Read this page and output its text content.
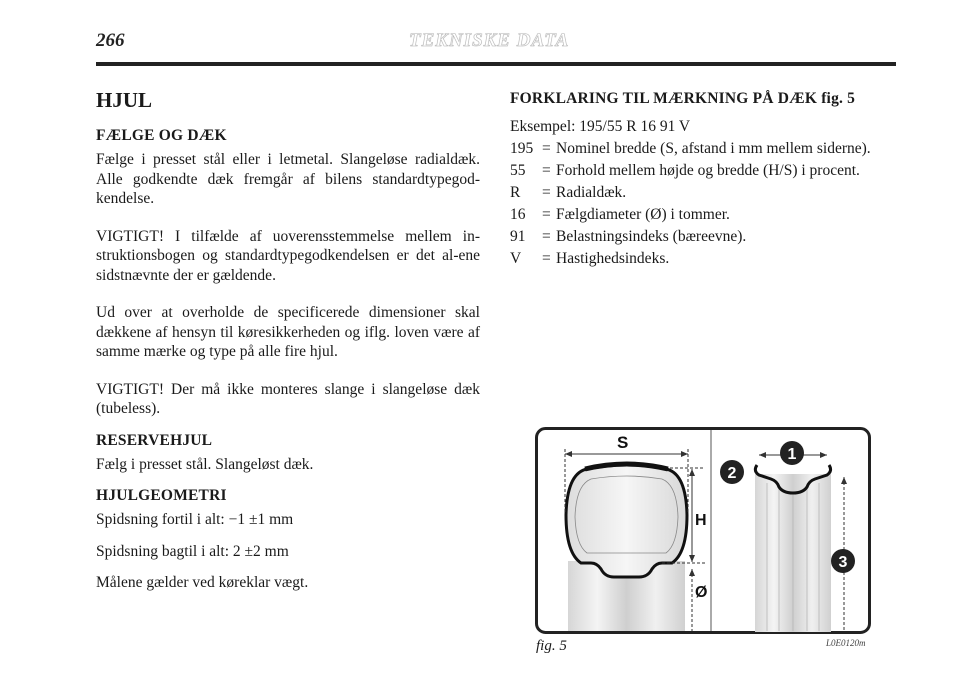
266	TEKNISKE DATA
HJUL
FÆLGE OG DÆK
Fælge i presset stål eller i letmetal. Slangeløse radialdæk. Alle godkendte dæk fremgår af bilens standardtypegod-kendelse.
VIGTIGT! I tilfælde af uoverensstemmelse mellem in-struktionsbogen og standardtypegodkendelsen er det al-ene sidstnævnte der er gældende.
Ud over at overholde de specificerede dimensioner skal dækkene af hensyn til køresikkerheden og iflg. loven være af samme mærke og type på alle fire hjul.
VIGTIGT! Der må ikke monteres slange i slangeløse dæk (tubeless).
RESERVEHJUL
Fælg i presset stål. Slangeløst dæk.
HJULGEOMETRI
Spidsning fortil i alt: −1 ±1 mm
Spidsning bagtil i alt: 2 ±2 mm
Målene gælder ved køreklar vægt.
FORKLARING TIL MÆRKNING PÅ DÆK fig. 5
Eksempel: 195/55 R 16 91 V
195 = Nominel bredde (S, afstand i mm mellem siderne).
55	= Forhold mellem højde og bredde (H/S) i procent.
R	= Radialdæk.
16	= Fælgdiameter (Ø) i tommer.
91	= Belastningsindeks (bæreevne).
V	= Hastighedsindeks.
S
H
Ø
1
2
3
fig. 5	L0E0120m
